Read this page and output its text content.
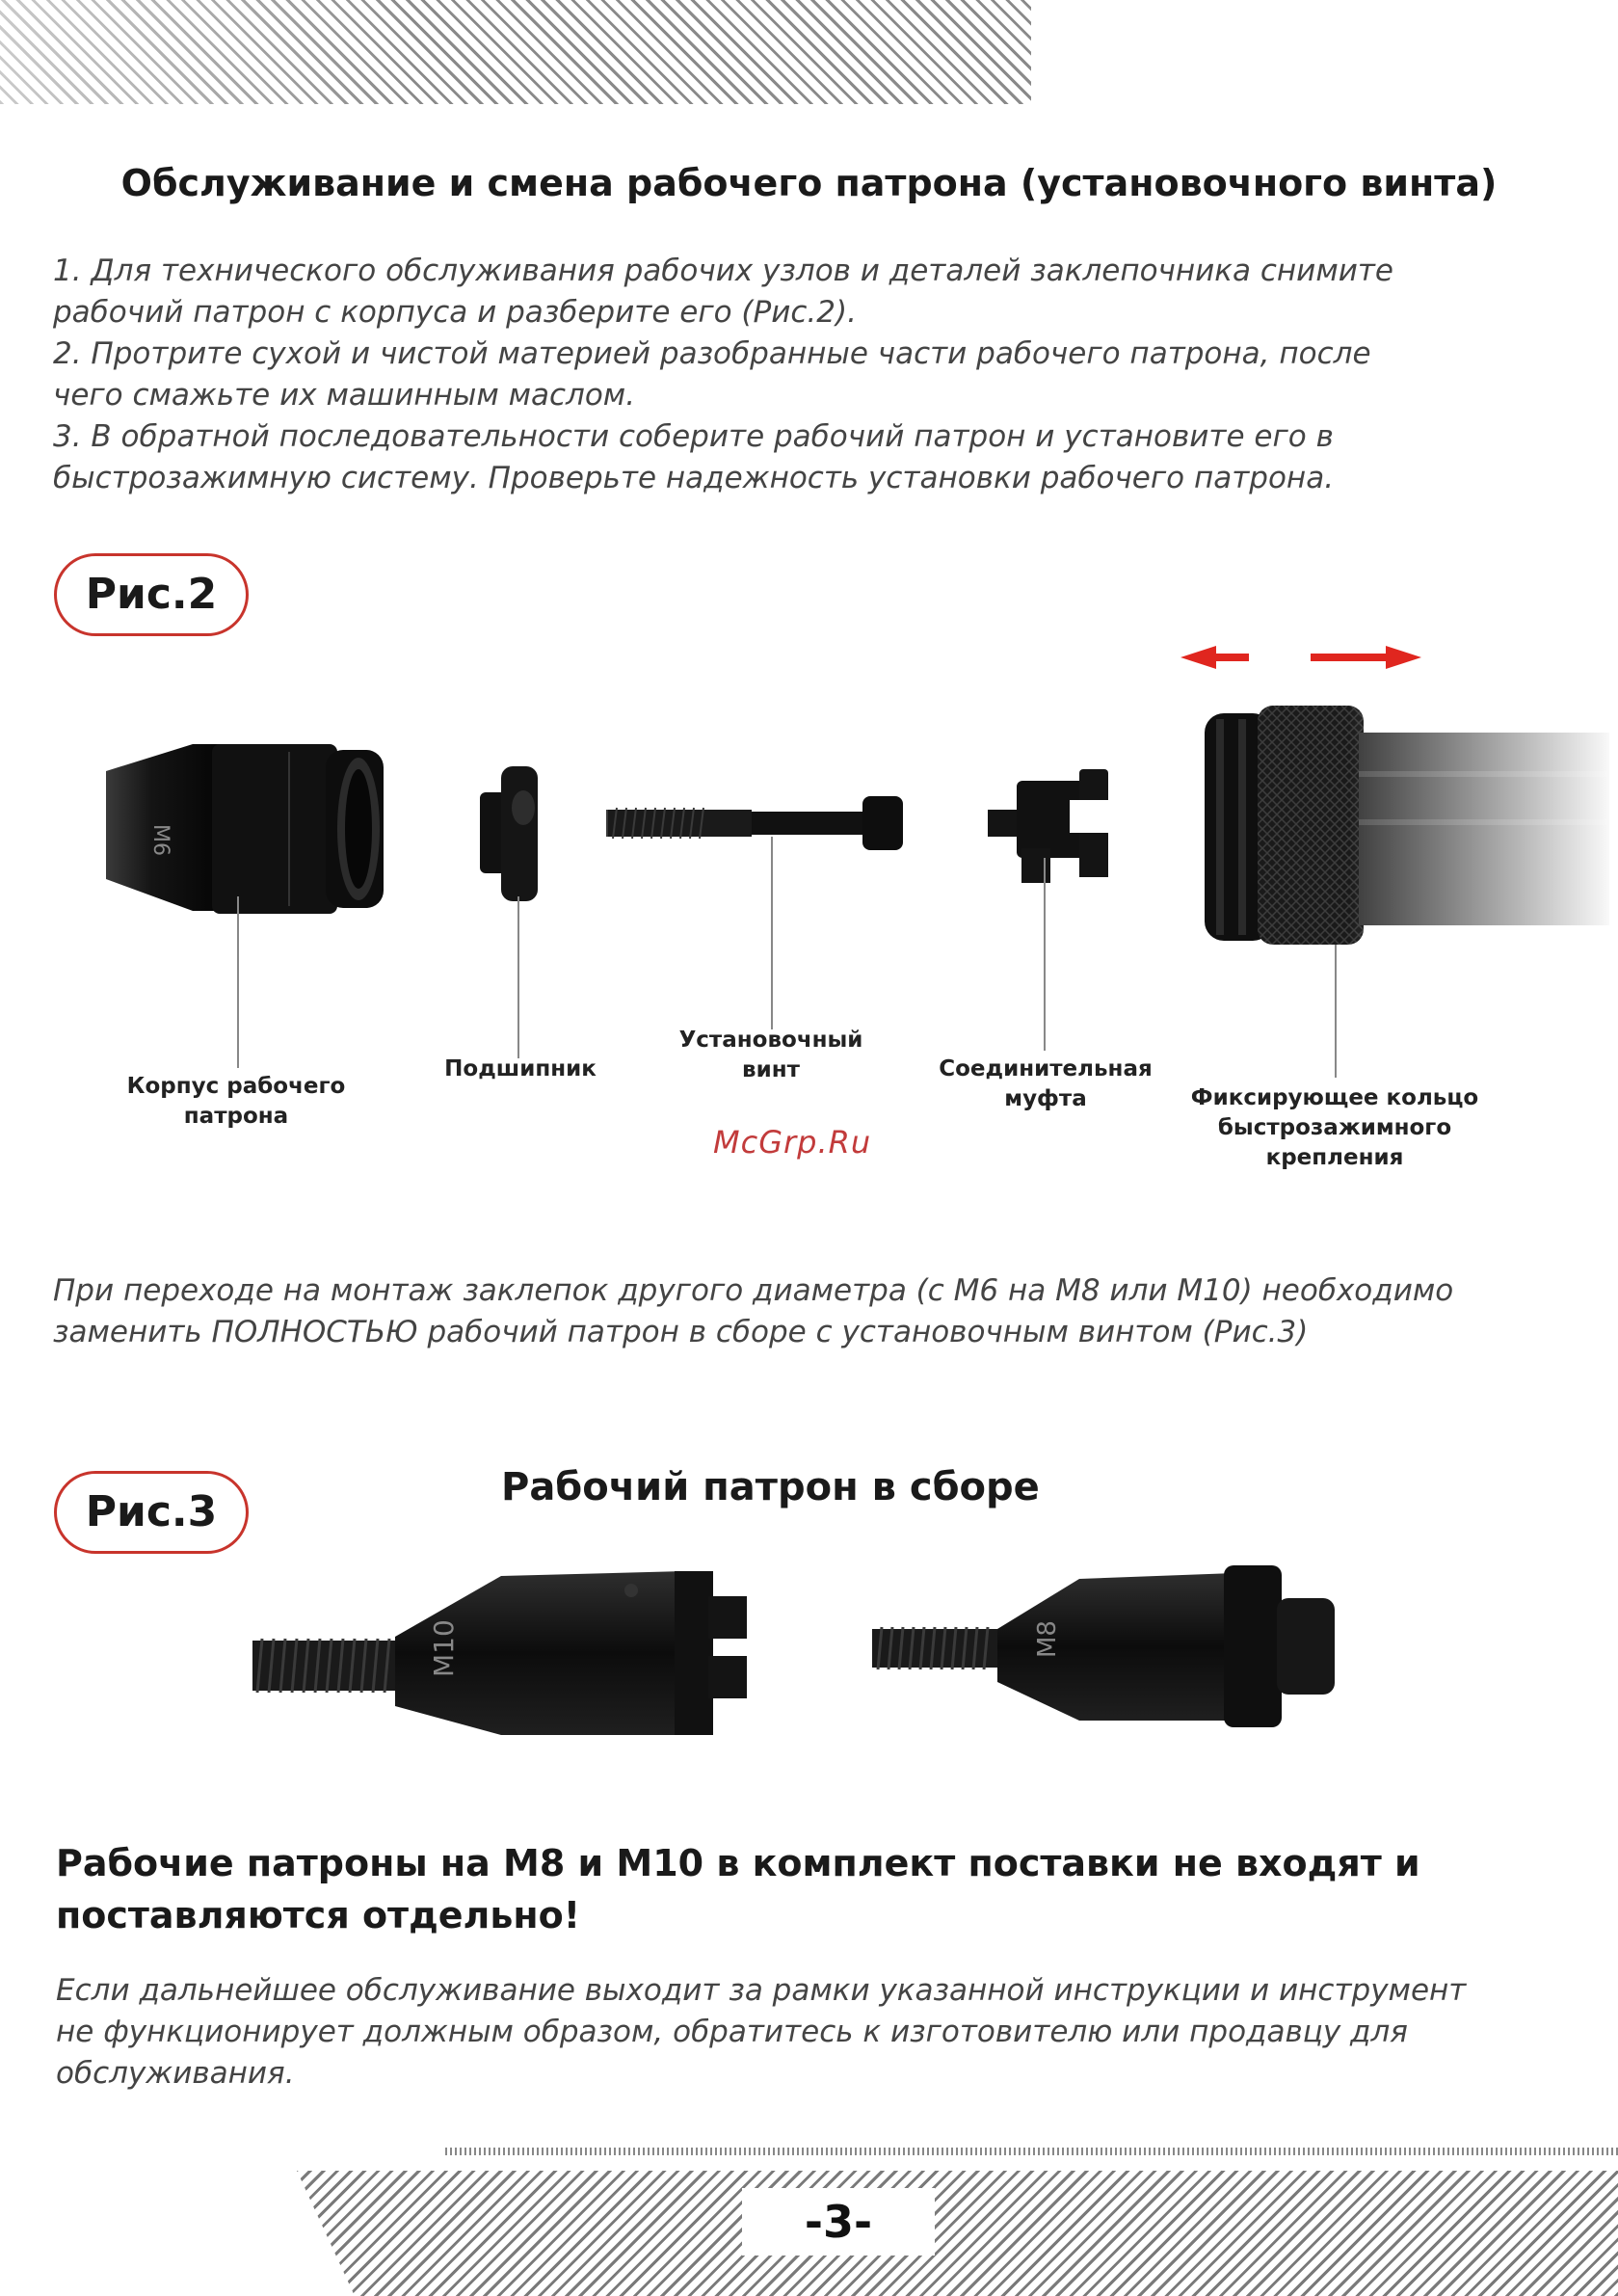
Обслуживание и смена рабочего патрона (установочного винта)
1. Для технического обслуживания рабочих узлов и деталей заклепочника снимите
рабочий патрон с корпуса и разберите его (Рис.2).
2. Протрите сухой и чистой материей разобранные части рабочего патрона, после
чего смажьте их машинным маслом.
3. В обратной последовательности соберите рабочий патрон и установите его в
быстрозажимную систему. Проверьте надежность установки рабочего патрона.
Рис.2
M6
Корпус рабочего
патрона
Подшипник
Установочный
винт	Соединительная
муфта	Фиксирующее кольцо
быстрозажимного
крепления
McGrp.Ru
При переходе на монтаж заклепок другого диаметра (с М6 на М8 или М10) необходимо
заменить ПОЛНОСТЬЮ рабочий патрон в сборе с установочным винтом (Рис.3)
Рис.3	Рабочий патрон в сборе
M10	M8
Рабочие патроны на М8 и М10 в комплект поставки не входят и
поставляются отдельно!
Если дальнейшее обслуживание выходит за рамки указанной инструкции и инструмент
не функционирует должным образом, обратитесь к изготовителю или продавцу для
обслуживания.
-3-
